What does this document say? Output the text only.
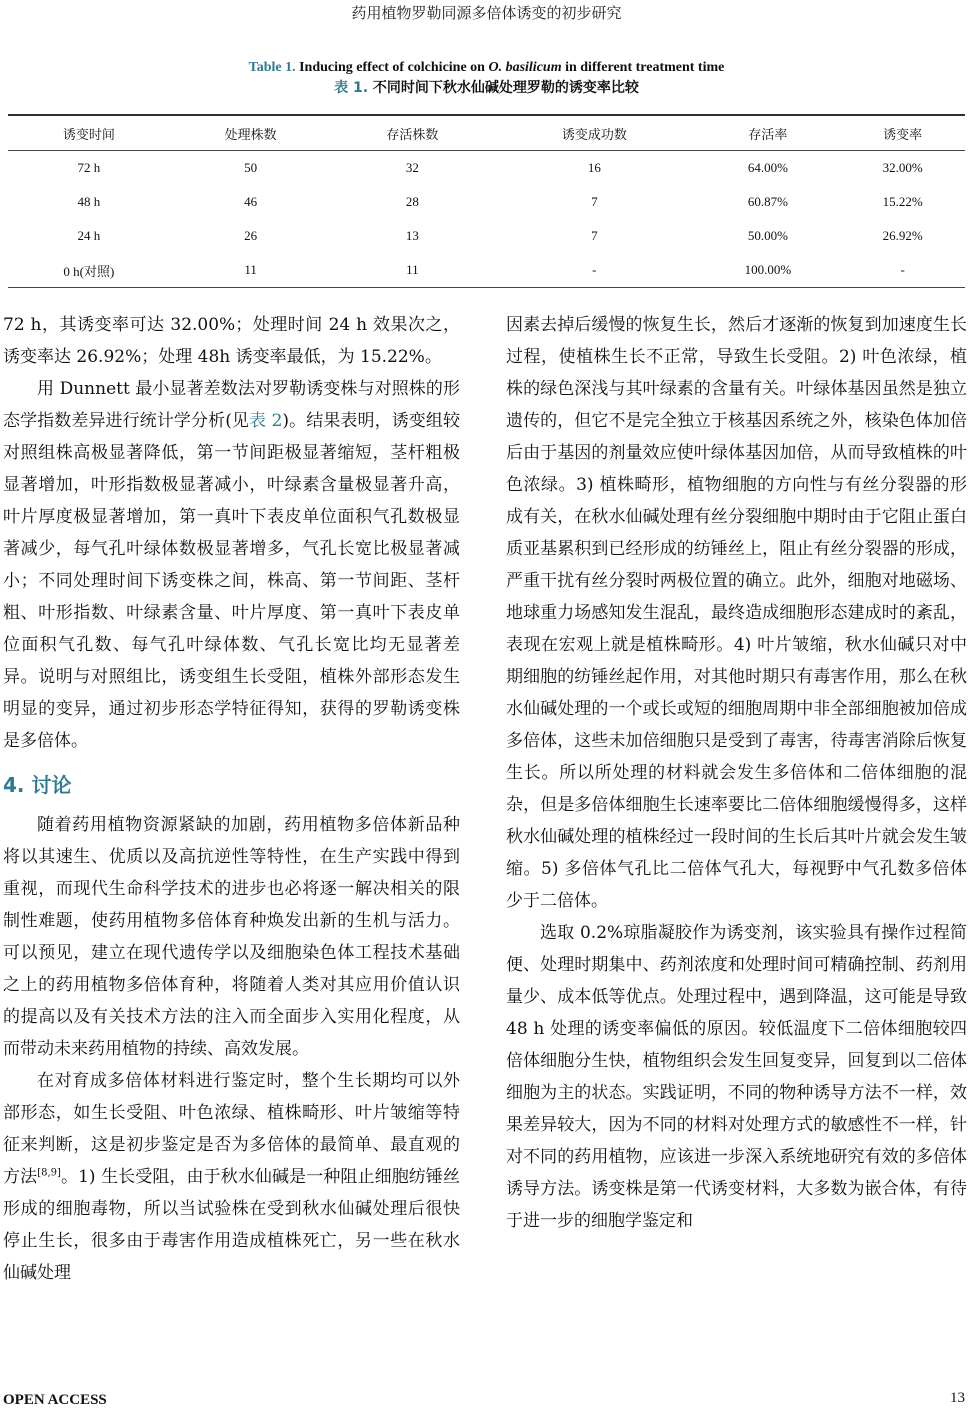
药用植物罗勒同源多倍体诱变的初步研究
Table 1. Inducing effect of colchicine on O. basilicum in different treatment time
表 1. 不同时间下秋水仙碱处理罗勒的诱变率比较
诱变时间	处理株数	存活株数	诱变成功数	存活率	诱变率
72 h	50	32	16	64.00%	32.00%
48 h	46	28	7	60.87%	15.22%
24 h	26	13	7	50.00%	26.92%
0 h(对照)	11	11	-	100.00%	-

72 h，其诱变率可达 32.00%；处理时间 24 h 效果次之，诱变率达 26.92%；处理 48h 诱变率最低，为 15.22%。

用 Dunnett 最小显著差数法对罗勒诱变株与对照株的形态学指数差异进行统计学分析(见表 2)。结果表明，诱变组较对照组株高极显著降低，第一节间距极显著缩短，茎杆粗极显著增加，叶形指数极显著减小，叶绿素含量极显著升高，叶片厚度极显著增加，第一真叶下表皮单位面积气孔数极显著减少，每气孔叶绿体数极显著增多，气孔长宽比极显著减小；不同处理时间下诱变株之间，株高、第一节间距、茎杆粗、叶形指数、叶绿素含量、叶片厚度、第一真叶下表皮单位面积气孔数、每气孔叶绿体数、气孔长宽比均无显著差异。说明与对照组比，诱变组生长受阻，植株外部形态发生明显的变异，通过初步形态学特征得知，获得的罗勒诱变株是多倍体。

4. 讨论

随着药用植物资源紧缺的加剧，药用植物多倍体新品种将以其速生、优质以及高抗逆性等特性，在生产实践中得到重视，而现代生命科学技术的进步也必将逐一解决相关的限制性难题，使药用植物多倍体育种焕发出新的生机与活力。可以预见，建立在现代遗传学以及细胞染色体工程技术基础之上的药用植物多倍体育种，将随着人类对其应用价值认识的提高以及有关技术方法的注入而全面步入实用化程度，从而带动未来药用植物的持续、高效发展。

在对育成多倍体材料进行鉴定时，整个生长期均可以外部形态，如生长受阻、叶色浓绿、植株畸形、叶片皱缩等特征来判断，这是初步鉴定是否为多倍体的最简单、最直观的方法[8,9]。1) 生长受阻，由于秋水仙碱是一种阻止细胞纺锤丝形成的细胞毒物，所以当试验株在受到秋水仙碱处理后很快停止生长，很多由于毒害作用造成植株死亡，另一些在秋水仙碱处理

因素去掉后缓慢的恢复生长，然后才逐渐的恢复到加速度生长过程，使植株生长不正常，导致生长受阻。2) 叶色浓绿，植株的绿色深浅与其叶绿素的含量有关。叶绿体基因虽然是独立遗传的，但它不是完全独立于核基因系统之外，核染色体加倍后由于基因的剂量效应使叶绿体基因加倍，从而导致植株的叶色浓绿。3) 植株畸形，植物细胞的方向性与有丝分裂器的形成有关，在秋水仙碱处理有丝分裂细胞中期时由于它阻止蛋白质亚基累积到已经形成的纺锤丝上，阻止有丝分裂器的形成，严重干扰有丝分裂时两极位置的确立。此外，细胞对地磁场、地球重力场感知发生混乱，最终造成细胞形态建成时的紊乱，表现在宏观上就是植株畸形。4) 叶片皱缩，秋水仙碱只对中期细胞的纺锤丝起作用，对其他时期只有毒害作用，那么在秋水仙碱处理的一个或长或短的细胞周期中非全部细胞被加倍成多倍体，这些未加倍细胞只是受到了毒害，待毒害消除后恢复生长。所以所处理的材料就会发生多倍体和二倍体细胞的混杂，但是多倍体细胞生长速率要比二倍体细胞缓慢得多，这样秋水仙碱处理的植株经过一段时间的生长后其叶片就会发生皱缩。5) 多倍体气孔比二倍体气孔大，每视野中气孔数多倍体少于二倍体。

选取 0.2%琼脂凝胶作为诱变剂，该实验具有操作过程简便、处理时期集中、药剂浓度和处理时间可精确控制、药剂用量少、成本低等优点。处理过程中，遇到降温，这可能是导致 48 h 处理的诱变率偏低的原因。较低温度下二倍体细胞较四倍体细胞分生快，植物组织会发生回复变异，回复到以二倍体细胞为主的状态。实践证明，不同的物种诱导方法不一样，效果差异较大，因为不同的材料对处理方式的敏感性不一样，针对不同的药用植物，应该进一步深入系统地研究有效的多倍体诱导方法。诱变株是第一代诱变材料，大多数为嵌合体，有待于进一步的细胞学鉴定和

OPEN ACCESS	13
